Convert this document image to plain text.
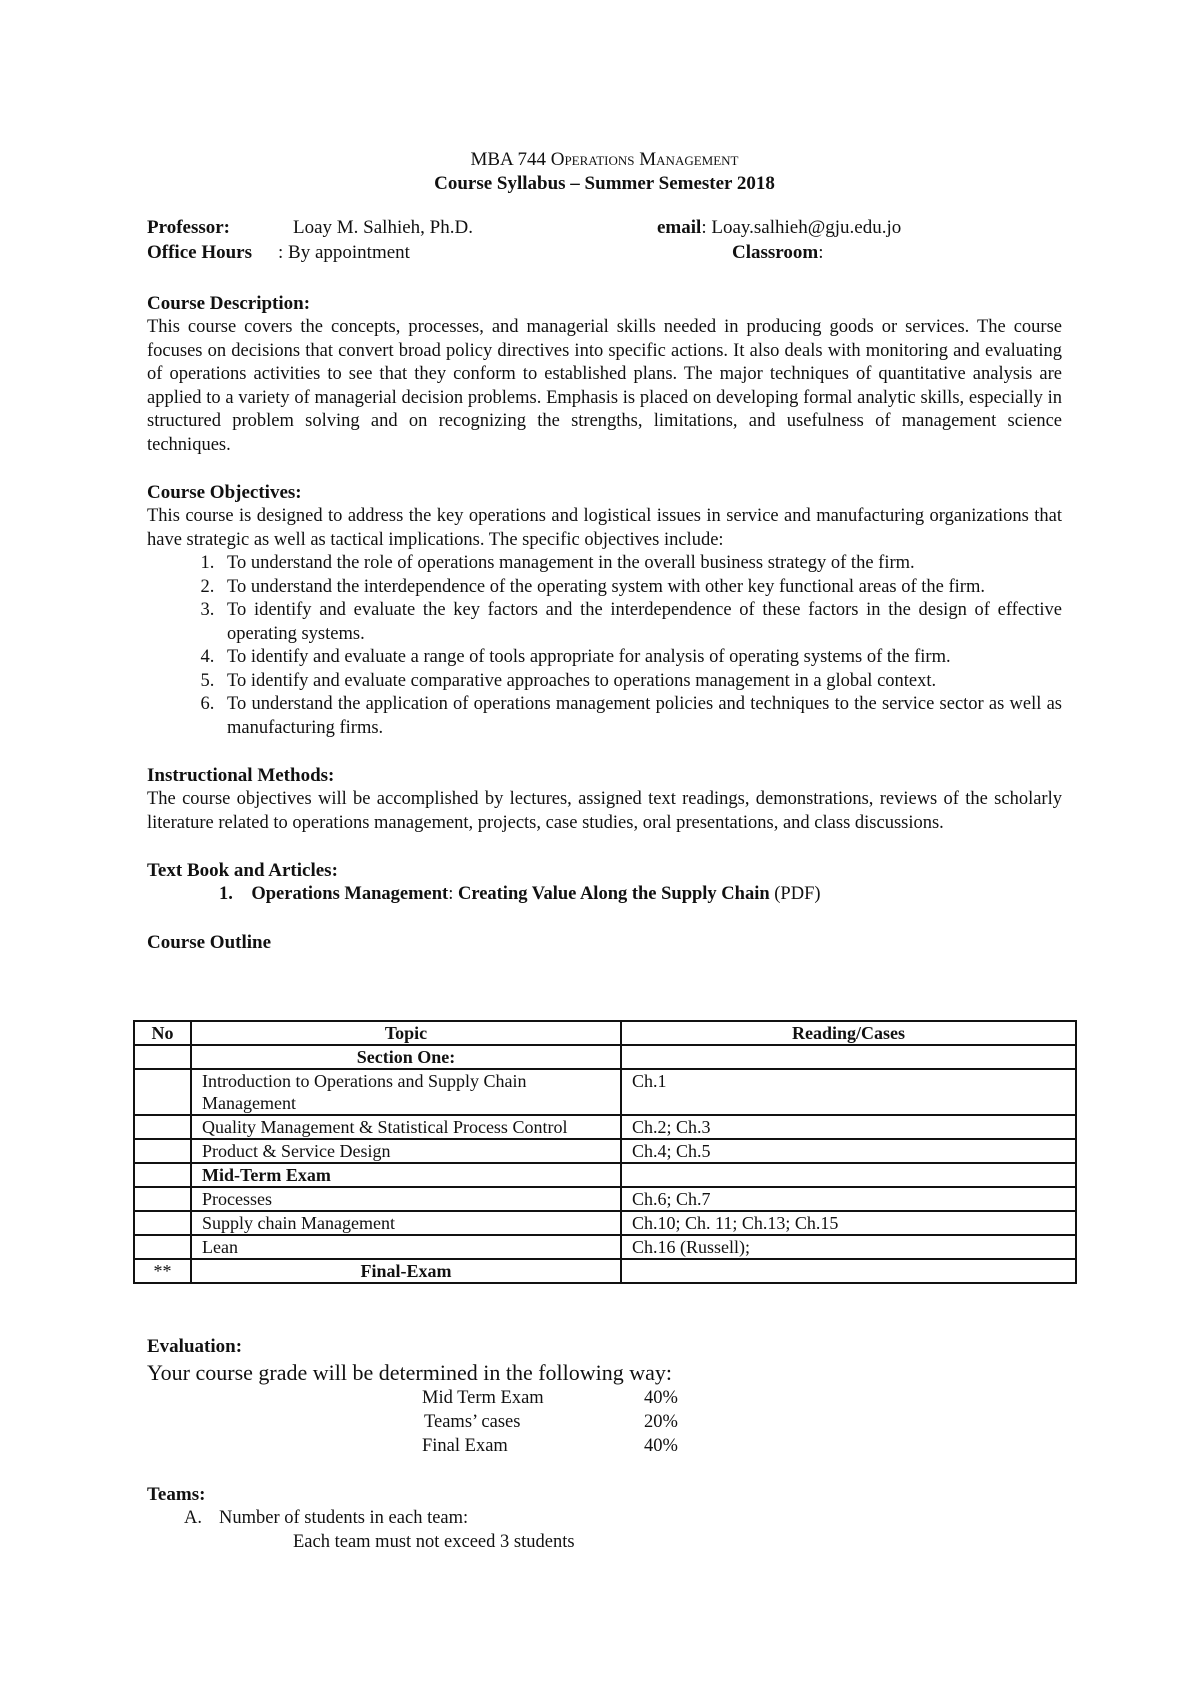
MBA 744 Operations Management
Course Syllabus – Summer Semester 2018
Professor:	Loay M. Salhieh, Ph.D.	email: Loay.salhieh@gju.edu.jo
Office Hours : By appointment	Classroom:
Course Description:
This course covers the concepts, processes, and managerial skills needed in producing goods or services. The course focuses on decisions that convert broad policy directives into specific actions. It also deals with monitoring and evaluating of operations activities to see that they conform to established plans. The major techniques of quantitative analysis are applied to a variety of managerial decision problems. Emphasis is placed on developing formal analytic skills, especially in structured problem solving and on recognizing the strengths, limitations, and usefulness of management science techniques.
Course Objectives:
This course is designed to address the key operations and logistical issues in service and manufacturing organizations that have strategic as well as tactical implications. The specific objectives include:
1. To understand the role of operations management in the overall business strategy of the firm.
2. To understand the interdependence of the operating system with other key functional areas of the firm.
3. To identify and evaluate the key factors and the interdependence of these factors in the design of effective operating systems.
4. To identify and evaluate a range of tools appropriate for analysis of operating systems of the firm.
5. To identify and evaluate comparative approaches to operations management in a global context.
6. To understand the application of operations management policies and techniques to the service sector as well as manufacturing firms.
Instructional Methods:
The course objectives will be accomplished by lectures, assigned text readings, demonstrations, reviews of the scholarly literature related to operations management, projects, case studies, oral presentations, and class discussions.
Text Book and Articles:
1. Operations Management: Creating Value Along the Supply Chain (PDF)
Course Outline
No	Topic	Reading/Cases
	Section One:	
	Introduction to Operations and Supply Chain Management	Ch.1
	Quality Management & Statistical Process Control	Ch.2; Ch.3
	Product & Service Design	Ch.4; Ch.5
	Mid-Term Exam	
	Processes	Ch.6; Ch.7
	Supply chain Management	Ch.10; Ch. 11; Ch.13; Ch.15
	Lean	Ch.16 (Russell);
**	Final-Exam	
Evaluation:
Your course grade will be determined in the following way:
Mid Term Exam	40%
Teams’ cases	20%
Final Exam	40%
Teams:
A. Number of students in each team:
Each team must not exceed 3 students
